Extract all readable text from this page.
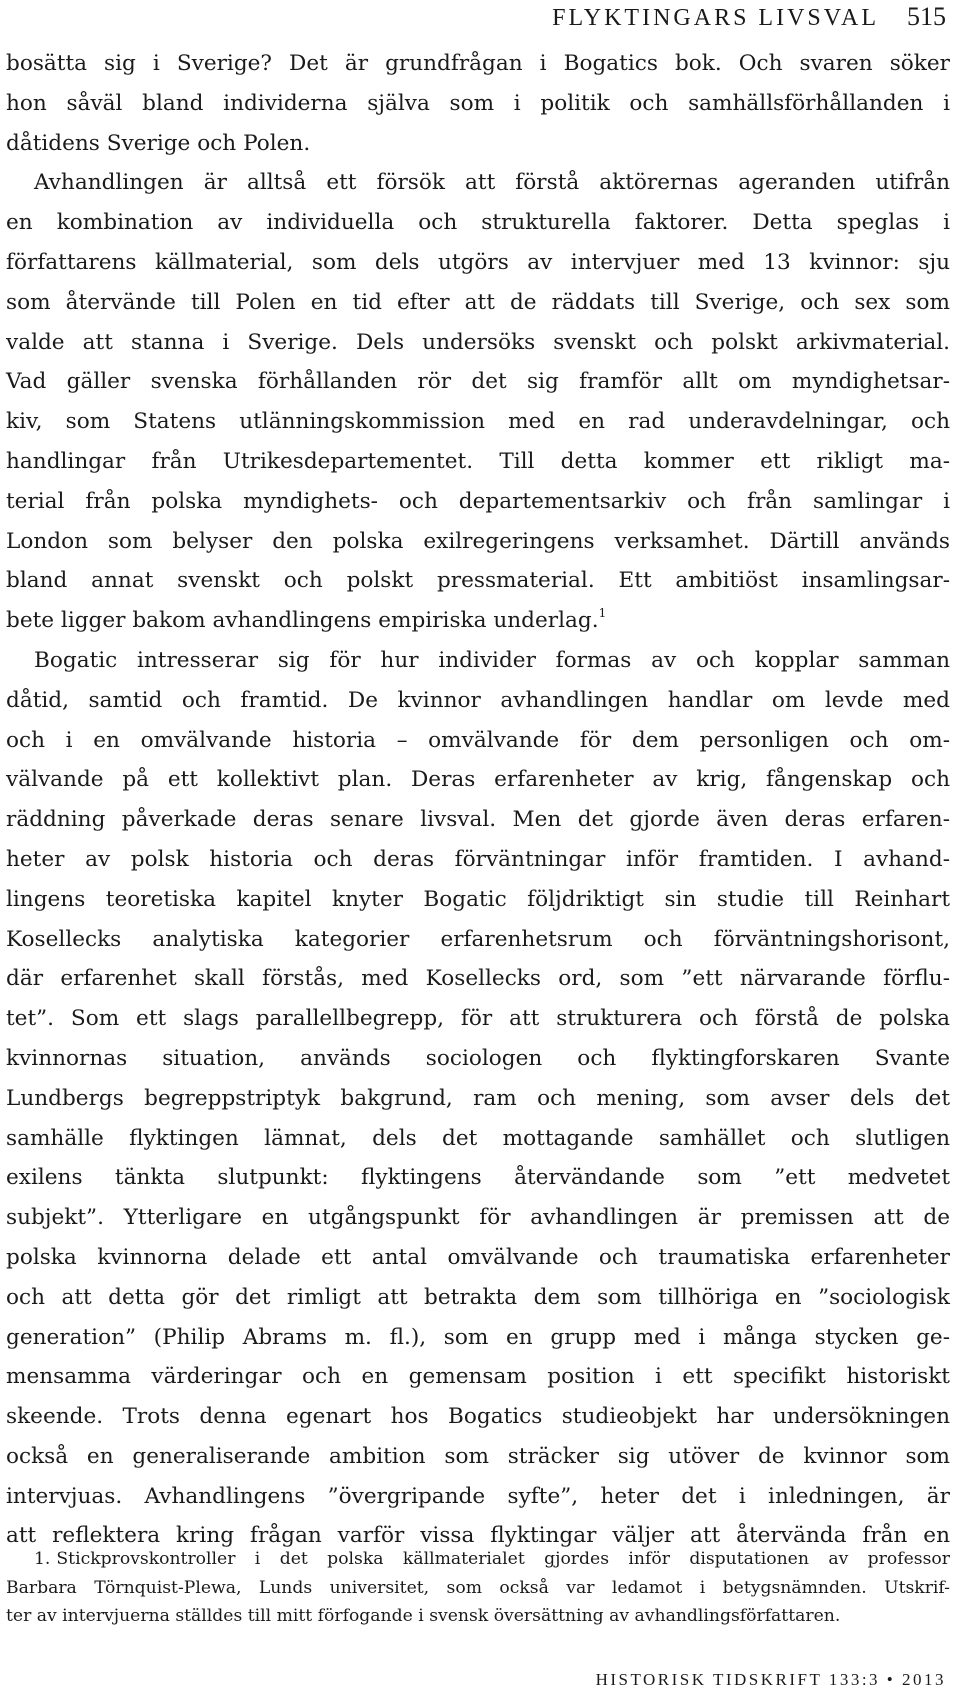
FLYKTINGARS LIVSVAL 515
bosätta sig i Sverige? Det är grundfrågan i Bogatics bok. Och svaren söker
hon såväl bland individerna själva som i politik och samhällsförhållanden i
dåtidens Sverige och Polen.
Avhandlingen är alltså ett försök att förstå aktörernas ageranden utifrån
en kombination av individuella och strukturella faktorer. Detta speglas i
författarens källmaterial, som dels utgörs av intervjuer med 13 kvinnor: sju
som återvände till Polen en tid efter att de räddats till Sverige, och sex som
valde att stanna i Sverige. Dels undersöks svenskt och polskt arkivmaterial.
Vad gäller svenska förhållanden rör det sig framför allt om myndighetsar-
kiv, som Statens utlänningskommission med en rad underavdelningar, och
handlingar från Utrikesdepartementet. Till detta kommer ett rikligt ma-
terial från polska myndighets- och departementsarkiv och från samlingar i
London som belyser den polska exilregeringens verksamhet. Därtill används
bland annat svenskt och polskt pressmaterial. Ett ambitiöst insamlingsar-
bete ligger bakom avhandlingens empiriska underlag.$^1$
Bogatic intresserar sig för hur individer formas av och kopplar samman
dåtid, samtid och framtid. De kvinnor avhandlingen handlar om levde med
och i en omvälvande historia – omvälvande för dem personligen och om-
välvande på ett kollektivt plan. Deras erfarenheter av krig, fångenskap och
räddning påverkade deras senare livsval. Men det gjorde även deras erfaren-
heter av polsk historia och deras förväntningar inför framtiden. I avhand-
lingens teoretiska kapitel knyter Bogatic följdriktigt sin studie till Reinhart
Kosellecks analytiska kategorier erfarenhetsrum och förväntningshorisont,
där erfarenhet skall förstås, med Kosellecks ord, som ”ett närvarande förflu-
tet”. Som ett slags parallellbegrepp, för att strukturera och förstå de polska
kvinnornas situation, används sociologen och flyktingforskaren Svante
Lundbergs begreppstriptyk bakgrund, ram och mening, som avser dels det
samhälle flyktingen lämnat, dels det mottagande samhället och slutligen
exilens tänkta slutpunkt: flyktingens återvändande som ”ett medvetet
subjekt”. Ytterligare en utgångspunkt för avhandlingen är premissen att de
polska kvinnorna delade ett antal omvälvande och traumatiska erfarenheter
och att detta gör det rimligt att betrakta dem som tillhöriga en ”sociologisk
generation” (Philip Abrams m. fl.), som en grupp med i många stycken ge-
mensamma värderingar och en gemensam position i ett specifikt historiskt
skeende. Trots denna egenart hos Bogatics studieobjekt har undersökningen
också en generaliserande ambition som sträcker sig utöver de kvinnor som
intervjuas. Avhandlingens ”övergripande syfte”, heter det i inledningen, är
att reflektera kring frågan varför vissa flyktingar väljer att återvända från en
1. Stickprovskontroller i det polska källmaterialet gjordes inför disputationen av professor
Barbara Törnquist-Plewa, Lunds universitet, som också var ledamot i betygsnämnden. Utskrif-
ter av intervjuerna ställdes till mitt förfogande i svensk översättning av avhandlingsförfattaren.
HISTORISK TIDSKRIFT 133:3 • 2013
